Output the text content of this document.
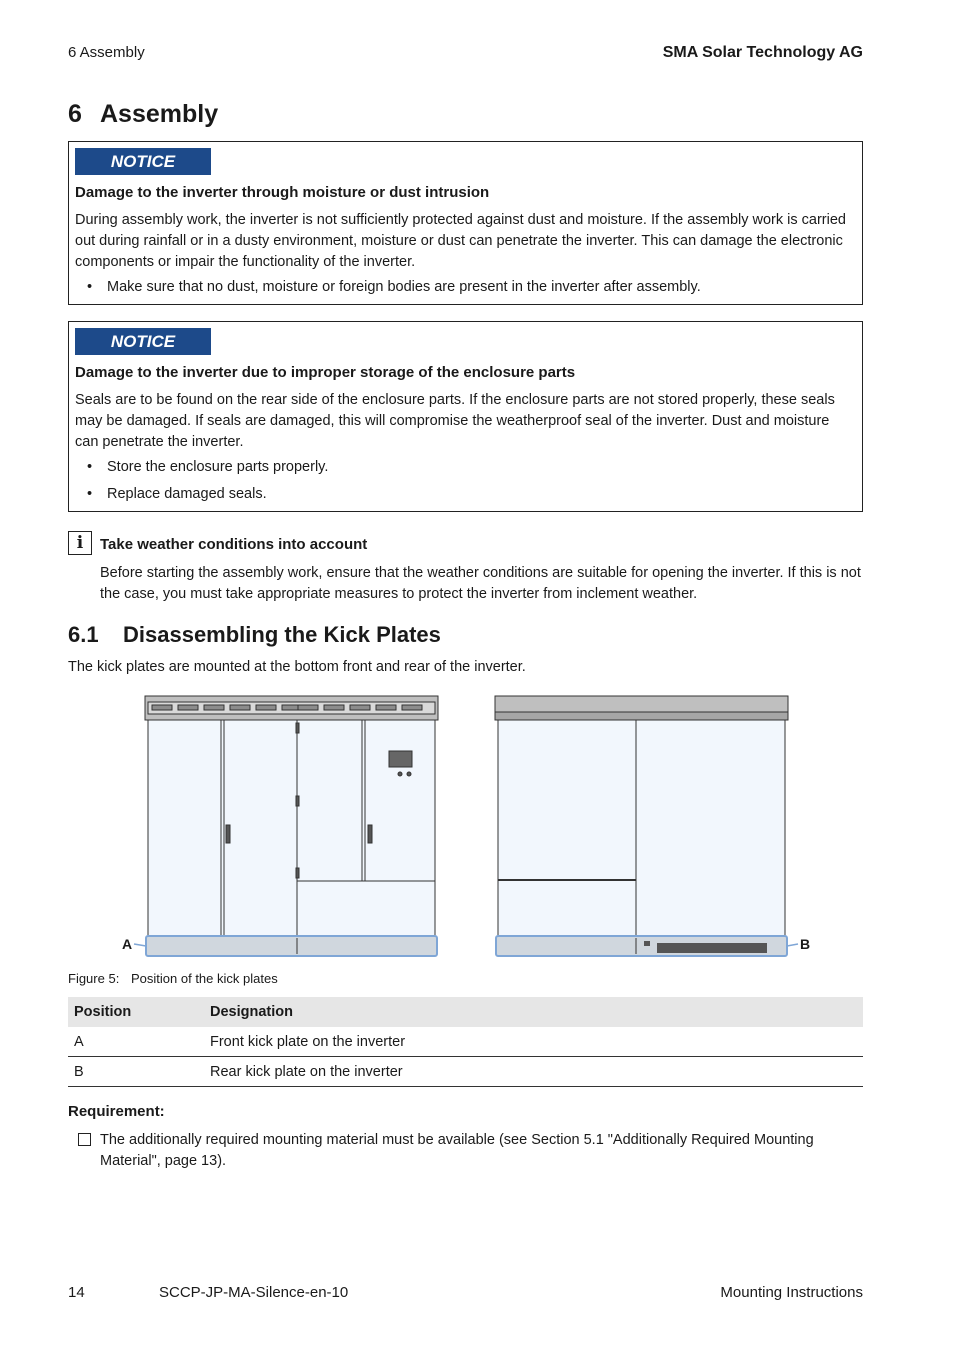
6 Assembly	SMA Solar Technology AG
6 Assembly
NOTICE
Damage to the inverter through moisture or dust intrusion
During assembly work, the inverter is not sufficiently protected against dust and moisture. If the assembly work is carried out during rainfall or in a dusty environment, moisture or dust can penetrate the inverter. This can damage the electronic components or impair the functionality of the inverter.
• Make sure that no dust, moisture or foreign bodies are present in the inverter after assembly.
NOTICE
Damage to the inverter due to improper storage of the enclosure parts
Seals are to be found on the rear side of the enclosure parts. If the enclosure parts are not stored properly, these seals may be damaged. If seals are damaged, this will compromise the weatherproof seal of the inverter. Dust and moisture can penetrate the inverter.
• Store the enclosure parts properly.
• Replace damaged seals.
i	Take weather conditions into account
Before starting the assembly work, ensure that the weather conditions are suitable for opening the inverter. If this is not the case, you must take appropriate measures to protect the inverter from inclement weather.
6.1 Disassembling the Kick Plates
The kick plates are mounted at the bottom front and rear of the inverter.
A	B
Figure 5: Position of the kick plates
Position	Designation
A	Front kick plate on the inverter
B	Rear kick plate on the inverter
Requirement:
The additionally required mounting material must be available (see Section 5.1 "Additionally Required Mounting Material", page 13).
14	SCCP-JP-MA-Silence-en-10	Mounting Instructions
